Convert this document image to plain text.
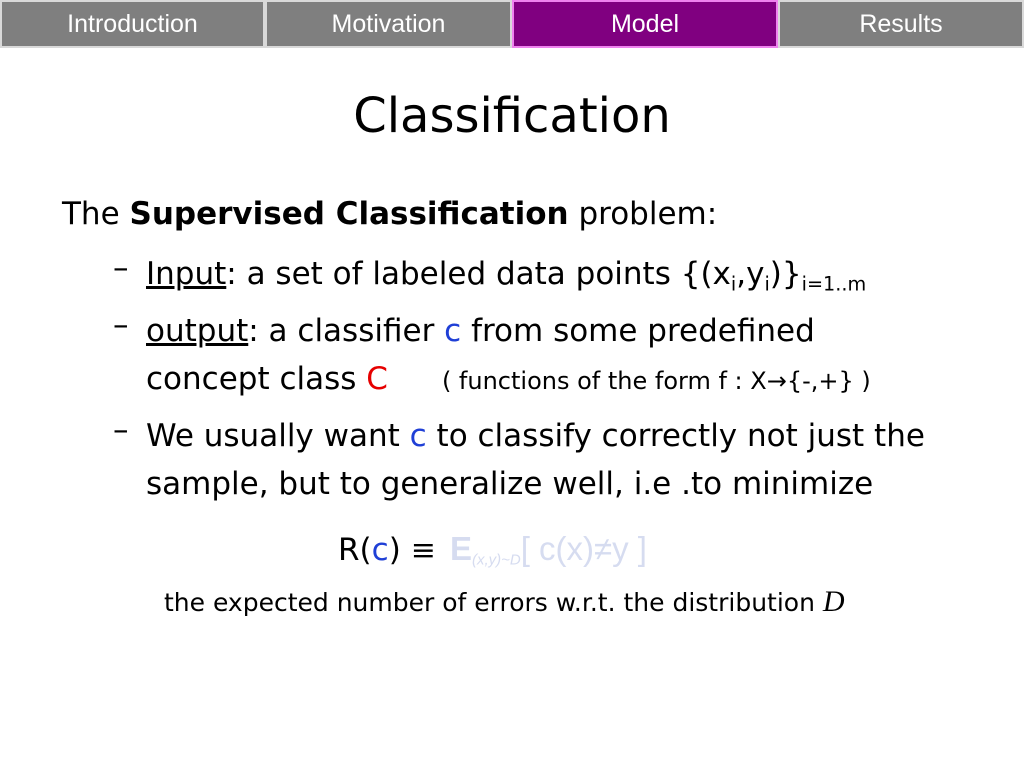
Introduction	Motivation	Model	Results
Classification
The Supervised Classification problem:
– Input: a set of labeled data points $\{(x_i,y_i)\}_{i=1..m}$
– output: a classifier c from some predefined
concept class C ( functions of the form f : X→{-,+} )
– We usually want c to classify correctly not just the
sample, but to generalize well, i.e .to minimize
$R(c) \equiv E_{(x,y)\sim D}$[ c(x)≠y ]
the expected number of errors w.r.t. the distribution D
